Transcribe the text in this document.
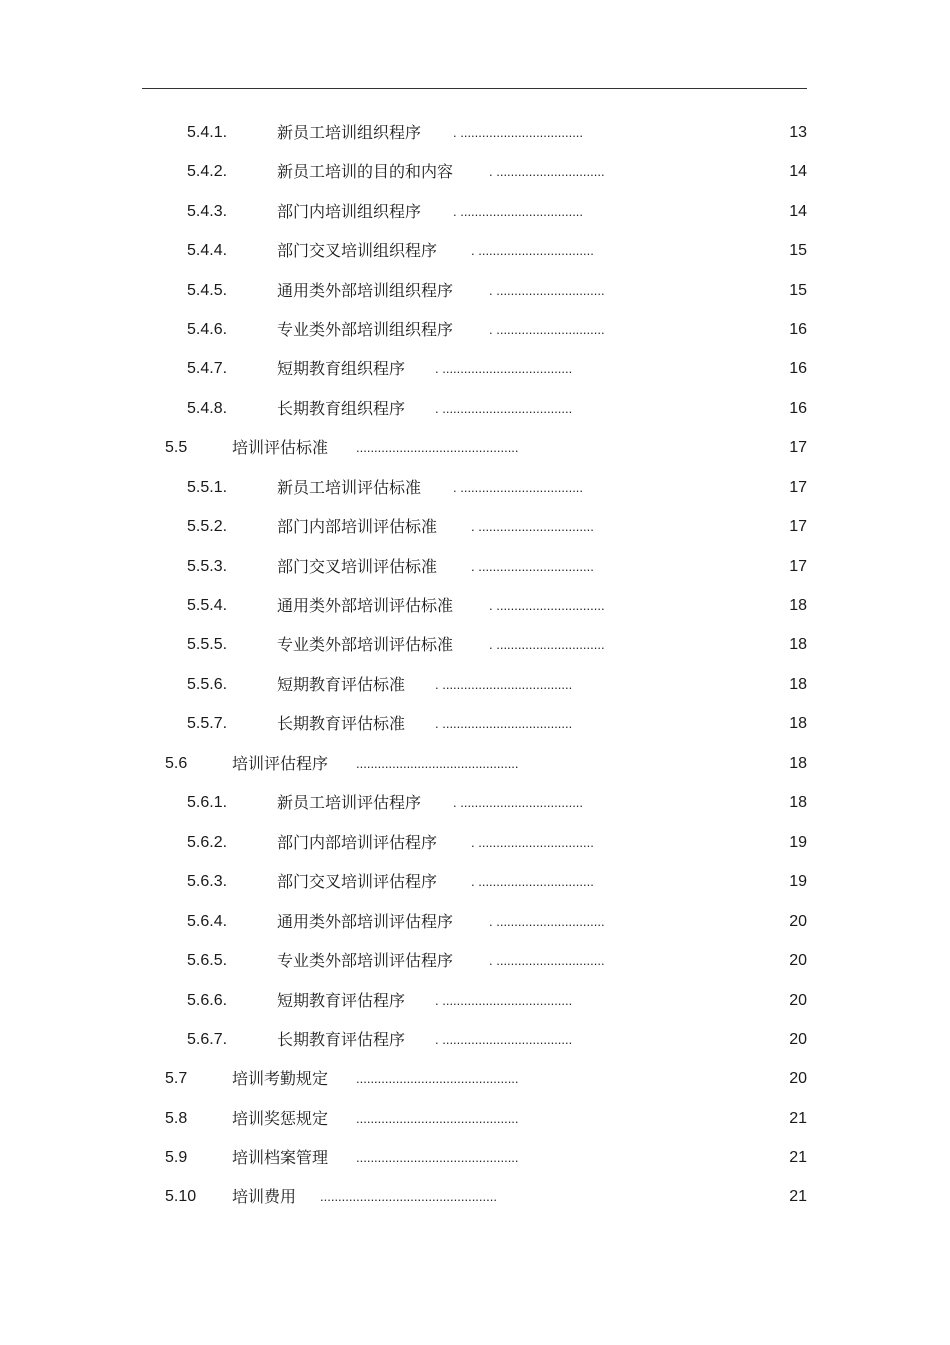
5.4.1.	新员工培训组织程序 . ..................................	13
5.4.2.	新员工培训的目的和内容	. ..............................	14
5.4.3.	部门内培训组织程序 . ..................................	14
5.4.4.	部门交叉培训组织程序	. ................................	15
5.4.5.	通用类外部培训组织程序	. ..............................	15
5.4.6.	专业类外部培训组织程序	. ..............................	16
5.4.7.	短期教育组织程序 . ....................................	16
5.4.8.	长期教育组织程序 . ....................................	16
5.5	培训评估标准 .............................................	17
5.5.1.	新员工培训评估标准 . ..................................	17
5.5.2.	部门内部培训评估标准	. ................................	17
5.5.3.	部门交叉培训评估标准	. ................................	17
5.5.4.	通用类外部培训评估标准	. ..............................	18
5.5.5.	专业类外部培训评估标准	. ..............................	18
5.5.6.	短期教育评估标准 . ....................................	18
5.5.7.	长期教育评估标准 . ....................................	18
5.6	培训评估程序 .............................................	18
5.6.1.	新员工培训评估程序 . ..................................	18
5.6.2.	部门内部培训评估程序	. ................................	19
5.6.3.	部门交叉培训评估程序	. ................................	19
5.6.4.	通用类外部培训评估程序	. ..............................	20
5.6.5.	专业类外部培训评估程序	. ..............................	20
5.6.6.	短期教育评估程序 . ....................................	20
5.6.7.	长期教育评估程序 . ....................................	20
5.7	培训考勤规定 .............................................	20
5.8	培训奖惩规定 .............................................	21
5.9	培训档案管理 .............................................	21
5.10 培训费用 .................................................	21
